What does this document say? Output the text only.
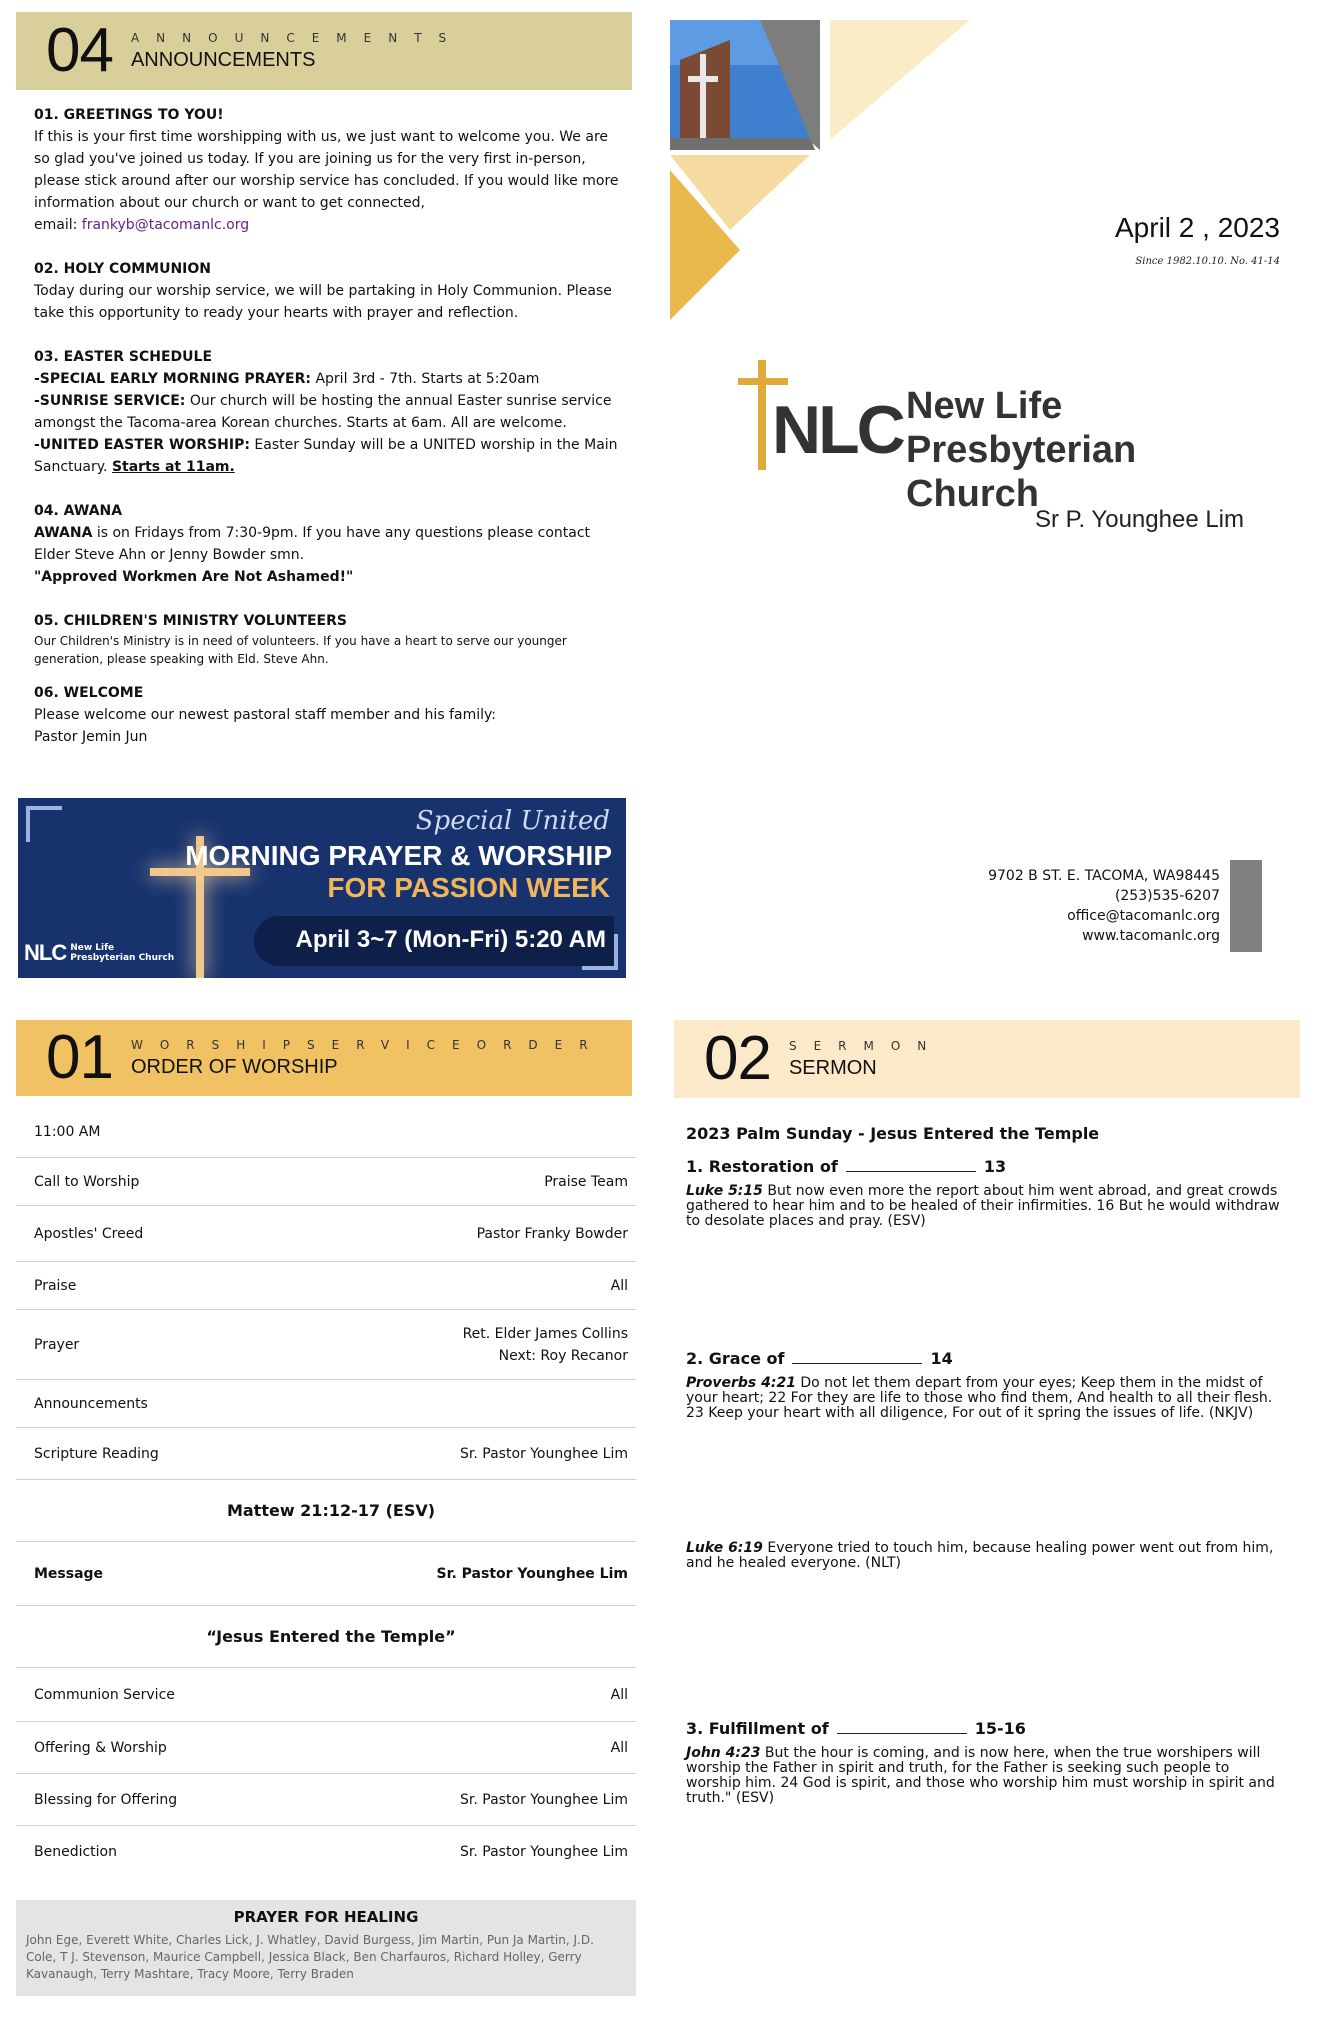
04 ANNOUNCEMENTS
ANNOUNCEMENTS
01. GREETINGS TO YOU!
If this is your first time worshipping with us, we just want to welcome you. We are so glad you've joined us today. If you are joining us for the very first in-person, please stick around after our worship service has concluded. If you would like more information about our church or want to get connected,
email: frankyb@tacomanlc.org
02. HOLY COMMUNION
Today during our worship service, we will be partaking in Holy Communion. Please take this opportunity to ready your hearts with prayer and reflection.
03. EASTER SCHEDULE
-SPECIAL EARLY MORNING PRAYER: April 3rd - 7th. Starts at 5:20am
-SUNRISE SERVICE: Our church will be hosting the annual Easter sunrise service amongst the Tacoma-area Korean churches. Starts at 6am. All are welcome.
-UNITED EASTER WORSHIP: Easter Sunday will be a UNITED worship in the Main Sanctuary. Starts at 11am.
04. AWANA
AWANA is on Fridays from 7:30-9pm. If you have any questions please contact Elder Steve Ahn or Jenny Bowder smn.
"Approved Workmen Are Not Ashamed!"
05. CHILDREN'S MINISTRY VOLUNTEERS
Our Children's Ministry is in need of volunteers. If you have a heart to serve our younger generation, please speaking with Eld. Steve Ahn.
06. WELCOME
Please welcome our newest pastoral staff member and his family:
Pastor Jemin Jun
Special United
MORNING PRAYER & WORSHIP
FOR PASSION WEEK
April 3~7 (Mon-Fri) 5:20 AM
NLC New Life
Presbyterian Church
April 2 , 2023
Since 1982.10.10. No. 41-14
NLC New Life
Presbyterian Church
Sr P. Younghee Lim
9702 B ST. E. TACOMA, WA98445
(253)535-6207
office@tacomanlc.org
www.tacomanlc.org
01 WORSHIPSERVICEORDER
ORDER OF WORSHIP
11:00 AM
Call to Worship	Praise Team
Apostles' Creed	Pastor Franky Bowder
Praise	All
Prayer
Ret. Elder James Collins
Next: Roy Recanor
Announcements
Scripture Reading	Sr. Pastor Younghee Lim
Mattew 21:12-17 (ESV)
Message	Sr. Pastor Younghee Lim
“Jesus Entered the Temple”
Communion Service	All
Offering & Worship	All
Blessing for Offering	Sr. Pastor Younghee Lim
Benediction	Sr. Pastor Younghee Lim
PRAYER FOR HEALING
John Ege, Everett White, Charles Lick, J. Whatley, David Burgess, Jim Martin, Pun Ja Martin, J.D. Cole, T J. Stevenson, Maurice Campbell, Jessica Black, Ben Charfauros, Richard Holley, Gerry Kavanaugh, Terry Mashtare, Tracy Moore, Terry Braden
02 SERMON
SERMON
2023 Palm Sunday - Jesus Entered the Temple
1. Restoration of	13
Luke 5:15 But now even more the report about him went abroad, and great crowds gathered to hear him and to be healed of their infirmities. 16 But he would withdraw to desolate places and pray. (ESV)
2. Grace of	14
Proverbs 4:21 Do not let them depart from your eyes; Keep them in the midst of your heart; 22 For they are life to those who find them, And health to all their flesh. 23 Keep your heart with all diligence, For out of it spring the issues of life. (NKJV)
Luke 6:19 Everyone tried to touch him, because healing power went out from him, and he healed everyone. (NLT)
3. Fulfillment of	15-16
John 4:23 But the hour is coming, and is now here, when the true worshipers will worship the Father in spirit and truth, for the Father is seeking such people to worship him. 24 God is spirit, and those who worship him must worship in spirit and truth." (ESV)
